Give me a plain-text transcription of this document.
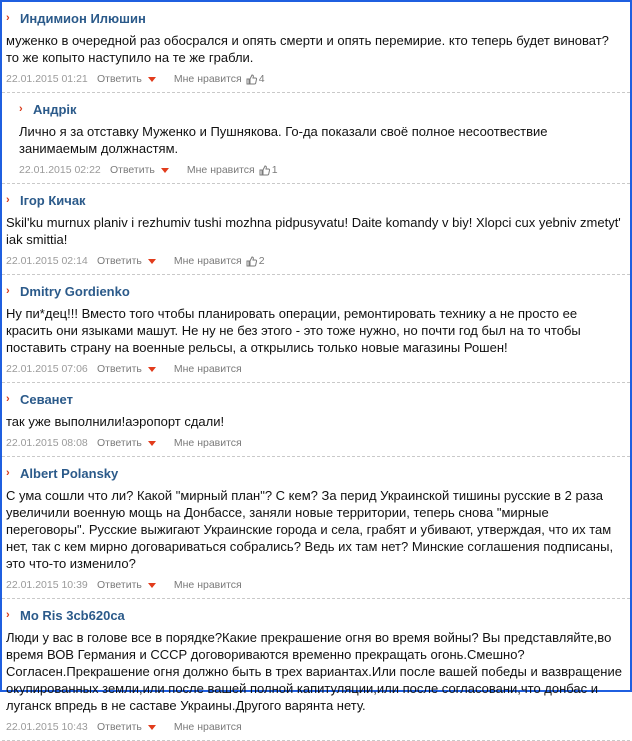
› Индимион Илюшин
муженко в очередной раз обосрался и опять смерти и опять перемирие. кто теперь будет виноват? то же копыто наступило на те же грабли.
22.01.2015 01:21 Ответить	Мне нравится 4
› Андрiк
Лично я за отставку Муженко и Пушнякова. Го-да показали своё полное несоотвествие занимаемым должнастям.
22.01.2015 02:22 Ответить	Мне нравится 1
› Iгор Кичак
Skil'ku murnux planiv i rezhumiv tushi mozhna pidpusyvatu! Daite komandy v biy! Xlopci cux yebniv zmetyt' iak smittia!
22.01.2015 02:14 Ответить	Мне нравится 2
› Dmitry Gordienko
Ну пи*дец!!! Вместо того чтобы планировать операции, ремонтировать технику а не просто ее красить они языками машут. Не ну не без этого - это тоже нужно, но почти год был на то чтобы поставить страну на военные рельсы, а открылись только новые магазины Рошен!
22.01.2015 07:06 Ответить	Мне нравится
› Севанет
так уже выполнили!аэропорт сдали!
22.01.2015 08:08 Ответить	Мне нравится
› Albert Polansky
С ума сошли что ли? Какой "мирный план"? С кем? За перид Украинской тишины русские в 2 раза увеличили военную мощь на Донбассе, заняли новые территории, теперь снова "мирные переговоры". Русские выжигают Украинские города и села, грабят и убивают, утверждая, что их там нет, так с кем мирно договариваться собрались? Ведь их там нет? Минские соглашения подписаны, это что-то изменило?
22.01.2015 10:39 Ответить	Мне нравится
› Mo Ris 3cb620ca
Люди у вас в голове все в порядке?Какие прекрашение огня во время войны? Вы представляйте,во время ВОВ Германия и СССР договориваются временно прекращать огонь.Смешно? Согласен.Прекрашение огня должно быть в трех вариантах.Или после вашей победы и вазвращение окупированных земли,или после вашей полной капитуляции,или после согласовани,что донбас и луганск впредь в не саставе Украины.Другого варянта нету.
22.01.2015 10:43 Ответить	Мне нравится
